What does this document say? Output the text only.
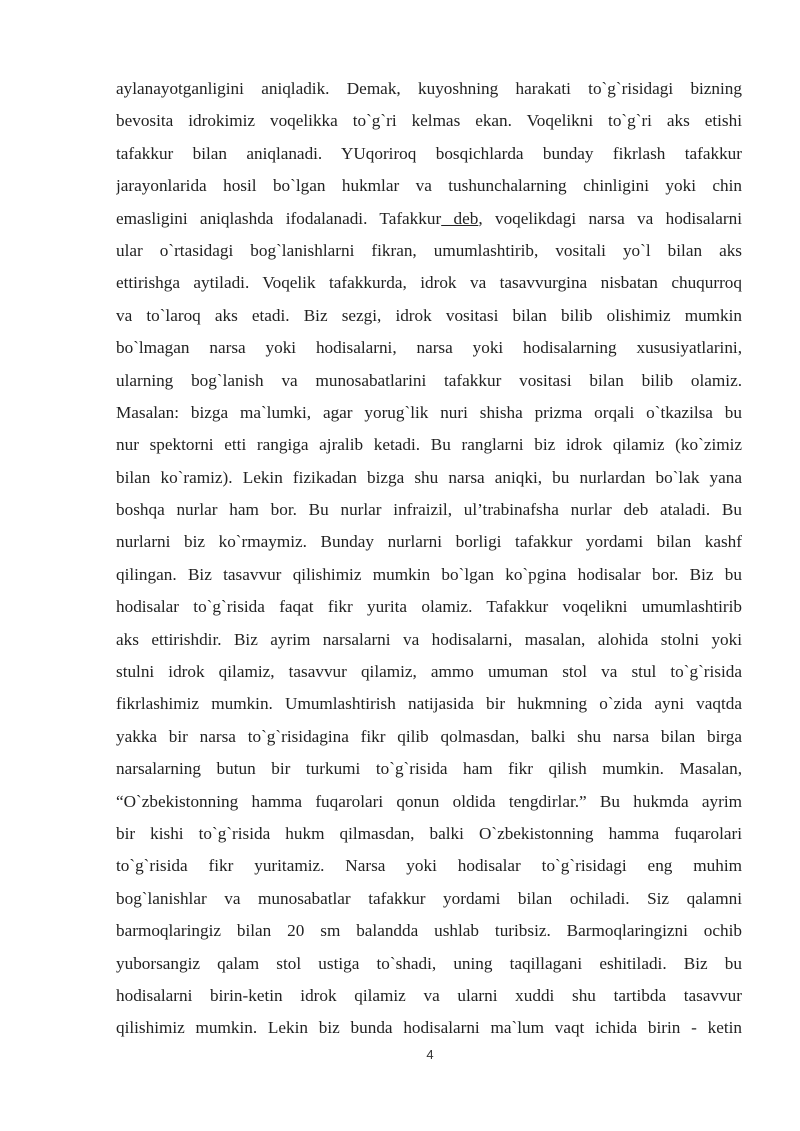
aylanayotganligini aniqladik. Demak, kuyoshning harakati to`g`risidagi bizning
bevosita idrokimiz voqelikka to`g`ri kelmas ekan. Voqelikni to`g`ri aks etishi
tafakkur bilan aniqlanadi. YUqoriroq bosqichlarda bunday fikrlash tafakkur
jarayonlarida hosil bo`lgan hukmlar va tushunchalarning chinligini yoki chin
emasligini aniqlashda ifodalanadi. Tafakkur deb, voqelikdagi narsa va hodisalarni
ular o`rtasidagi bog`lanishlarni fikran, umumlashtirib, vositali yo`l bilan aks
ettirishga aytiladi. Voqelik tafakkurda, idrok va tasavvurgina nisbatan chuqurroq
va to`laroq aks etadi. Biz sezgi, idrok vositasi bilan bilib olishimiz mumkin
bo`lmagan narsa yoki hodisalarni, narsa yoki hodisalarning xususiyatlarini,
ularning bog`lanish va munosabatlarini tafakkur vositasi bilan bilib olamiz.
Masalan: bizga ma`lumki, agar yorug`lik nuri shisha prizma orqali o`tkazilsa bu
nur spektorni etti rangiga ajralib ketadi. Bu ranglarni biz idrok qilamiz (ko`zimiz
bilan ko`ramiz). Lekin fizikadan bizga shu narsa aniqki, bu nurlardan bo`lak yana
boshqa nurlar ham bor. Bu nurlar infraizil, ul’trabinafsha nurlar deb ataladi. Bu
nurlarni biz ko`rmaymiz. Bunday nurlarni borligi tafakkur yordami bilan kashf
qilingan. Biz tasavvur qilishimiz mumkin bo`lgan ko`pgina hodisalar bor. Biz bu
hodisalar to`g`risida faqat fikr yurita olamiz. Tafakkur voqelikni umumlashtirib
aks ettirishdir. Biz ayrim narsalarni va hodisalarni, masalan, alohida stolni yoki
stulni idrok qilamiz, tasavvur qilamiz, ammo umuman stol va stul to`g`risida
fikrlashimiz mumkin. Umumlashtirish natijasida bir hukmning o`zida ayni vaqtda
yakka bir narsa to`g`risidagina fikr qilib qolmasdan, balki shu narsa bilan birga
narsalarning butun bir turkumi to`g`risida ham fikr qilish mumkin. Masalan,
“O`zbekistonning hamma fuqarolari qonun oldida tengdirlar.” Bu hukmda ayrim
bir kishi to`g`risida hukm qilmasdan, balki O`zbekistonning hamma fuqarolari
to`g`risida fikr yuritamiz. Narsa yoki hodisalar to`g`risidagi eng muhim
bog`lanishlar va munosabatlar tafakkur yordami bilan ochiladi. Siz qalamni
barmoqlaringiz bilan 20 sm balandda ushlab turibsiz. Barmoqlaringizni ochib
yuborsangiz qalam stol ustiga to`shadi, uning taqillagani eshitiladi. Biz bu
hodisalarni birin-ketin idrok qilamiz va ularni xuddi shu tartibda tasavvur
qilishimiz mumkin. Lekin biz bunda hodisalarni ma`lum vaqt ichida birin - ketin
4
